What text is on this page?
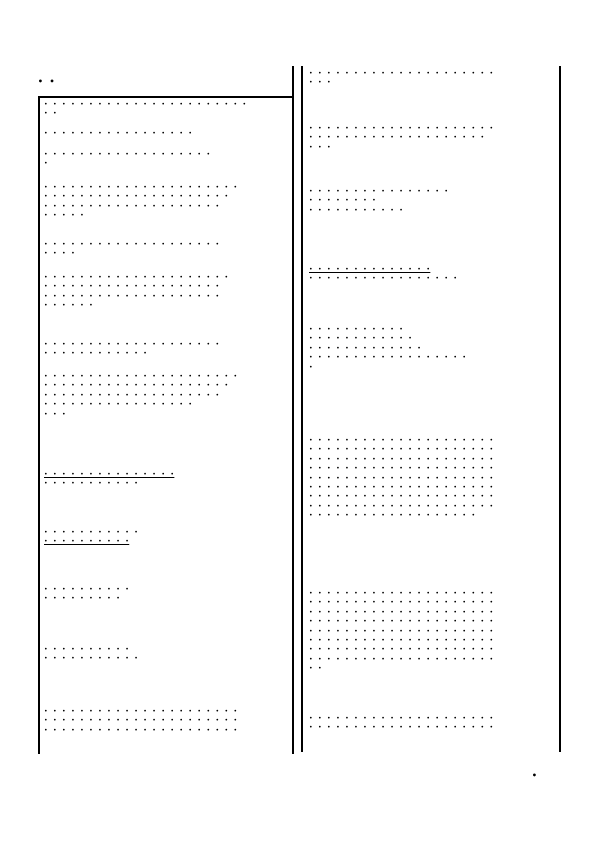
• •

• • • • • • • • • • • • • • • • • • • • • • •
• •

• • • • • • • • • • • • • • • • •

• • • • • • • • • • • • • • • • • • •
•

• • • • • • • • • • • • • • • • • • • • • •
• • • • • • • • • • • • • • • • • • • • •
• • • • • • • • • • • • • • • • • • • •
• • • • •

• • • • • • • • • • • • • • • • • • • •
• • • •

• • • • • • • • • • • • • • • • • • • • •
• • • • • • • • • • • • • • • • • • • •
• • • • • • • • • • • • • • • • • • • •
• • • • • •

• • • • • • • • • • • • • • • • • • • •
• • • • • • • • • • • •

• • • • • • • • • • • • • • • • • • • • • •
• • • • • • • • • • • • • • • • • • • • •
• • • • • • • • • • • • • • • • • • • •
• • • • • • • • • • • • • • • • •
• • •

• • • • • • • • • • • • • • •
• • • • • • • • • • •

• • • • • • • • • • •
• • • • • • • • • •

• • • • • • • • • •
• • • • • • • • •

• • • • • • • • • •
• • • • • • • • • • •

• • • • • • • • • • • • • • • • • • • • • •
• • • • • • • • • • • • • • • • • • • • • •
• • • • • • • • • • • • • • • • • • • • • •

• • • • • • • • • • • • • • • • • • • • •
• • •

• • • • • • • • • • • • • • • • • • • • •
• • • • • • • • • • • • • • • • • • • •
• • •

• • • • • • • • • • • • • • • •
• • • • • • • •
• • • • • • • • • • •

• • • • • • • • • • • • • •
• • • • • • • • • • • • • • • • •

• • • • • • • • • • •
• • • • • • • • • • • •
• • • • • • • • • • • • •
• • • • • • • • • • • • • • • • • •
•

• • • • • • • • • • • • • • • • • • • • •
• • • • • • • • • • • • • • • • • • • • •
• • • • • • • • • • • • • • • • • • • • •
• • • • • • • • • • • • • • • • • • • • •
• • • • • • • • • • • • • • • • • • • • •
• • • • • • • • • • • • • • • • • • • • •
• • • • • • • • • • • • • • • • • • • • •
• • • • • • • • • • • • • • • • • • • • •
• • • • • • • • • • • • • • • • • • •

• • • • • • • • • • • • • • • • • • • • •
• • • • • • • • • • • • • • • • • • • • •
• • • • • • • • • • • • • • • • • • • • •
• • • • • • • • • • • • • • • • • • • • •
• • • • • • • • • • • • • • • • • • • • •
• • • • • • • • • • • • • • • • • • • • •
• • • • • • • • • • • • • • • • • • • • •
• • • • • • • • • • • • • • • • • • • • •
• •

• • • • • • • • • • • • • • • • • • • • •
• • • • • • • • • • • • • • • • • • • • •

•
